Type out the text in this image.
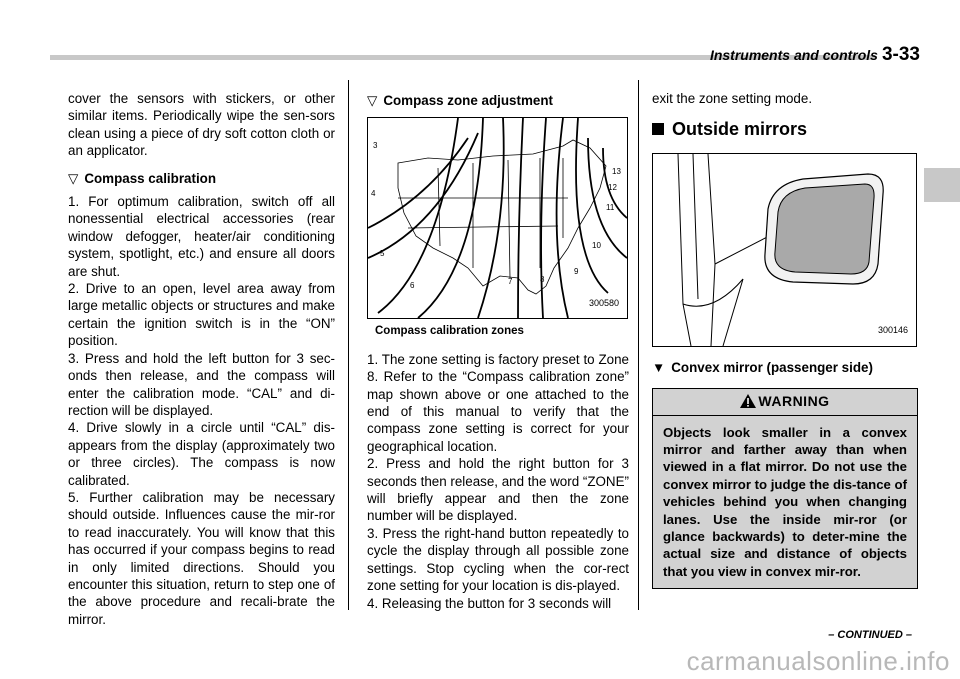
Instruments and controls 3-33

cover the sensors with stickers, or other similar items. Periodically wipe the sen-sors clean using a piece of dry soft cotton cloth or an applicator.

▽ Compass calibration

1. For optimum calibration, switch off all nonessential electrical accessories (rear window defogger, heater/air conditioning system, spotlight, etc.) and ensure all doors are shut.

2. Drive to an open, level area away from large metallic objects or structures and make certain the ignition switch is in the “ON” position.

3. Press and hold the left button for 3 sec-onds then release, and the compass will enter the calibration mode. “CAL” and di-rection will be displayed.

4. Drive slowly in a circle until “CAL” dis-appears from the display (approximately two or three circles). The compass is now calibrated.

5. Further calibration may be necessary should outside. Influences cause the mir-ror to read inaccurately. You will know that this has occurred if your compass begins to read in only limited directions. Should you encounter this situation, return to step one of the above procedure and recali-brate the mirror.

▽ Compass zone adjustment
3
4
5
6	7	8
9
10
11
12
13
300580
Compass calibration zones

1. The zone setting is factory preset to Zone 8. Refer to the “Compass calibration zone” map shown above or one attached to the end of this manual to verify that the compass zone setting is correct for your geographical location.

2. Press and hold the right button for 3 seconds then release, and the word “ZONE” will briefly appear and then the zone number will be displayed.

3. Press the right-hand button repeatedly to cycle the display through all possible zone settings. Stop cycling when the cor-rect zone setting for your location is dis-played.

4. Releasing the button for 3 seconds will

exit the zone setting mode.

Outside mirrors
300146
▼ Convex mirror (passenger side)
WARNING
Objects look smaller in a convex mirror and farther away than when viewed in a flat mirror. Do not use the convex mirror to judge the dis-tance of vehicles behind you when changing lanes. Use the inside mir-ror (or glance backwards) to deter-mine the actual size and distance of objects that you view in convex mir-ror.
– CONTINUED –
carmanualsonline.info
